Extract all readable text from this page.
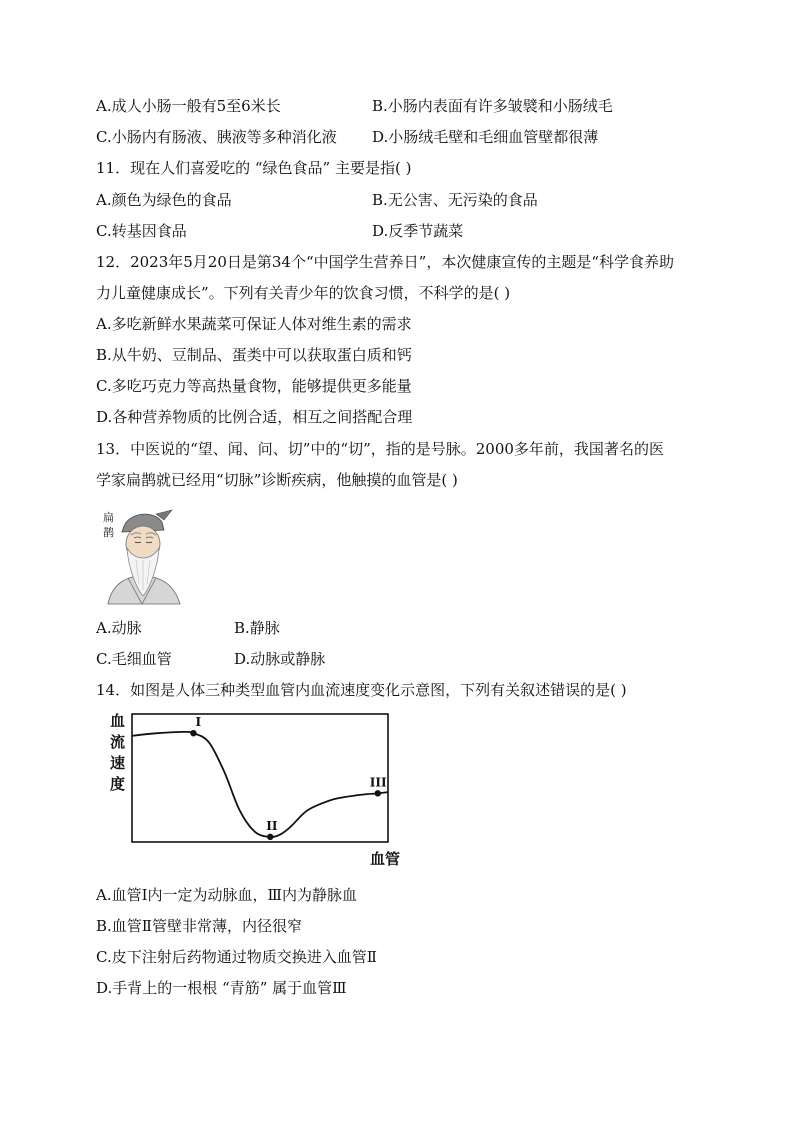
A.成人小肠一般有5至6米长	B.小肠内表面有许多皱襞和小肠绒毛
C.小肠内有肠液、胰液等多种消化液 D.小肠绒毛壁和毛细血管壁都很薄
11．现在人们喜爱吃的 “绿色食品” 主要是指( )
A.颜色为绿色的食品	B.无公害、无污染的食品
C.转基因食品	D.反季节蔬菜
12．2023年5月20日是第34个“中国学生营养日”，本次健康宣传的主题是“科学食养助
力儿童健康成长”。下列有关青少年的饮食习惯，不科学的是( )
A.多吃新鲜水果蔬菜可保证人体对维生素的需求
B.从牛奶、豆制品、蛋类中可以获取蛋白质和钙
C.多吃巧克力等高热量食物，能够提供更多能量
D.各种营养物质的比例合适，相互之间搭配合理
13．中医说的“望、闻、问、切”中的“切”，指的是号脉。2000多年前，我国著名的医
学家扁鹊就已经用“切脉”诊断疾病，他触摸的血管是( )
扁
鹊
A.动脉	B.静脉
C.毛细血管	D.动脉或静脉
14．如图是人体三种类型血管内血流速度变化示意图，下列有关叙述错误的是( )
血
流
速
度
I
II
III
血管
A.血管Ⅰ内一定为动脉血，Ⅲ内为静脉血
B.血管Ⅱ管壁非常薄，内径很窄
C.皮下注射后药物通过物质交换进入血管Ⅱ
D.手背上的一根根 “青筋” 属于血管Ⅲ
